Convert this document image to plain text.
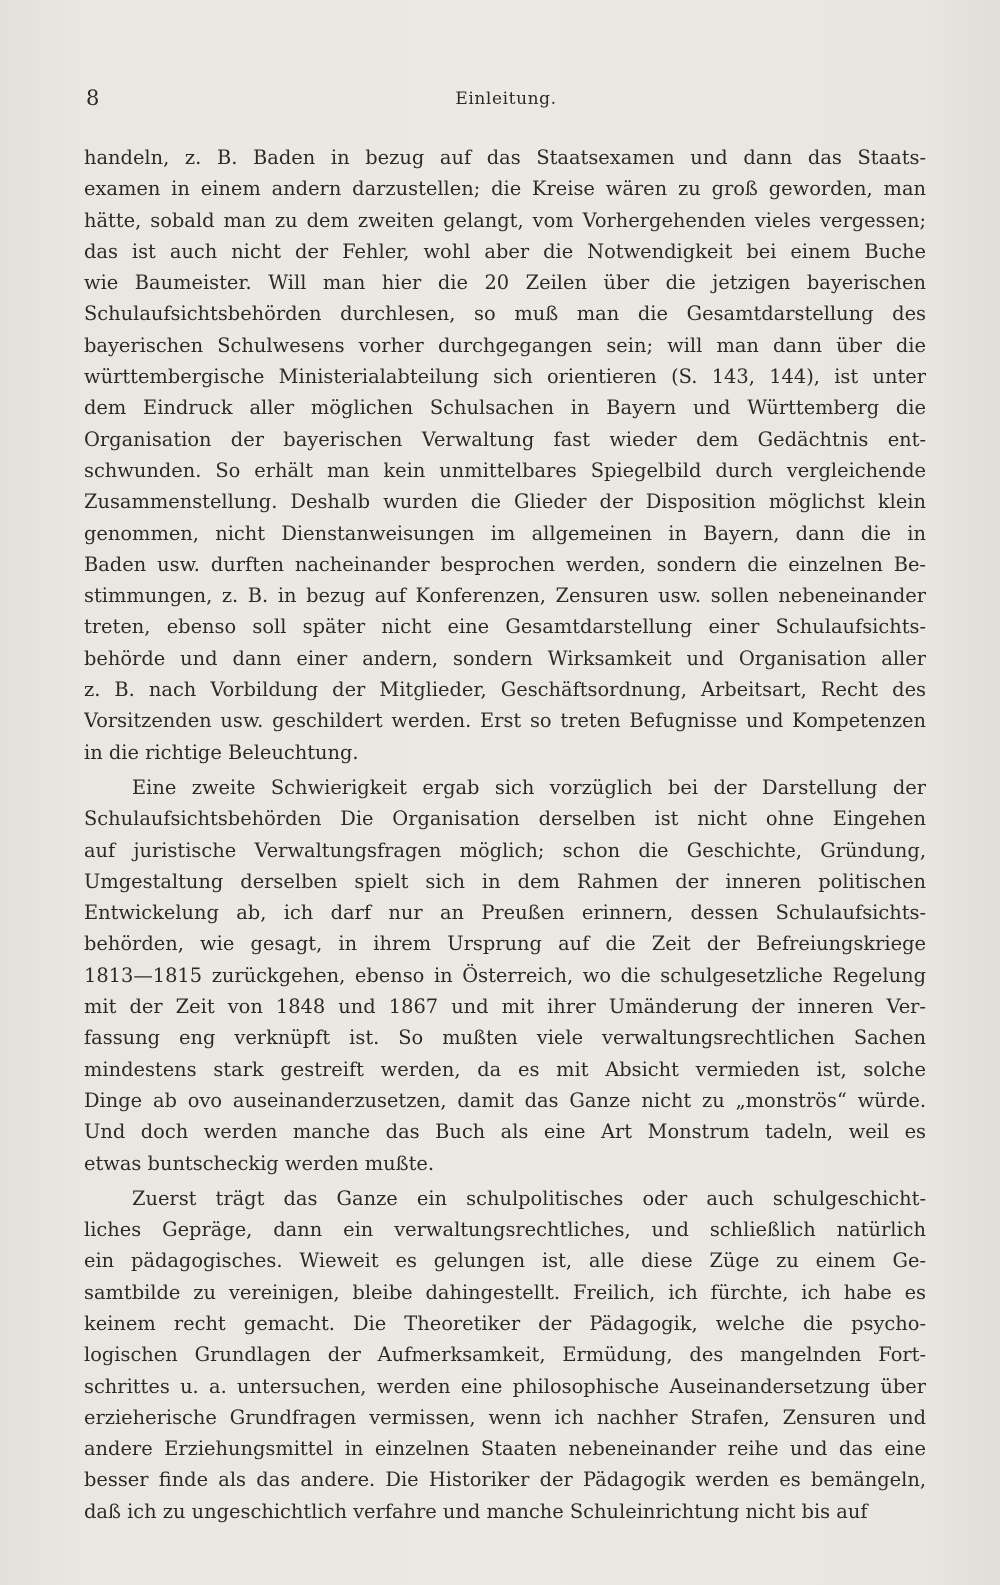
8	Einleitung.
handeln, z. B. Baden in bezug auf das Staatsexamen und dann das Staats-
examen in einem andern darzustellen; die Kreise wären zu groß geworden, man
hätte, sobald man zu dem zweiten gelangt, vom Vorhergehenden vieles vergessen;
das ist auch nicht der Fehler, wohl aber die Notwendigkeit bei einem Buche
wie Baumeister. Will man hier die 20 Zeilen über die jetzigen bayerischen
Schulaufsichtsbehörden durchlesen, so muß man die Gesamtdarstellung des
bayerischen Schulwesens vorher durchgegangen sein; will man dann über die
württembergische Ministerialabteilung sich orientieren (S. 143, 144), ist unter
dem Eindruck aller möglichen Schulsachen in Bayern und Württemberg die
Organisation der bayerischen Verwaltung fast wieder dem Gedächtnis ent-
schwunden. So erhält man kein unmittelbares Spiegelbild durch vergleichende
Zusammenstellung. Deshalb wurden die Glieder der Disposition möglichst klein
genommen, nicht Dienstanweisungen im allgemeinen in Bayern, dann die in
Baden usw. durften nacheinander besprochen werden, sondern die einzelnen Be-
stimmungen, z. B. in bezug auf Konferenzen, Zensuren usw. sollen nebeneinander
treten, ebenso soll später nicht eine Gesamtdarstellung einer Schulaufsichts-
behörde und dann einer andern, sondern Wirksamkeit und Organisation aller
z. B. nach Vorbildung der Mitglieder, Geschäftsordnung, Arbeitsart, Recht des
Vorsitzenden usw. geschildert werden. Erst so treten Befugnisse und Kompetenzen
in die richtige Beleuchtung.
Eine zweite Schwierigkeit ergab sich vorzüglich bei der Darstellung der
Schulaufsichtsbehörden Die Organisation derselben ist nicht ohne Eingehen
auf juristische Verwaltungsfragen möglich; schon die Geschichte, Gründung,
Umgestaltung derselben spielt sich in dem Rahmen der inneren politischen
Entwickelung ab, ich darf nur an Preußen erinnern, dessen Schulaufsichts-
behörden, wie gesagt, in ihrem Ursprung auf die Zeit der Befreiungskriege
1813—1815 zurückgehen, ebenso in Österreich, wo die schulgesetzliche Regelung
mit der Zeit von 1848 und 1867 und mit ihrer Umänderung der inneren Ver-
fassung eng verknüpft ist. So mußten viele verwaltungsrechtlichen Sachen
mindestens stark gestreift werden, da es mit Absicht vermieden ist, solche
Dinge ab ovo auseinanderzusetzen, damit das Ganze nicht zu „monströs“ würde.
Und doch werden manche das Buch als eine Art Monstrum tadeln, weil es
etwas buntscheckig werden mußte.
Zuerst trägt das Ganze ein schulpolitisches oder auch schulgeschicht-
liches Gepräge, dann ein verwaltungsrechtliches, und schließlich natürlich
ein pädagogisches. Wieweit es gelungen ist, alle diese Züge zu einem Ge-
samtbilde zu vereinigen, bleibe dahingestellt. Freilich, ich fürchte, ich habe es
keinem recht gemacht. Die Theoretiker der Pädagogik, welche die psycho-
logischen Grundlagen der Aufmerksamkeit, Ermüdung, des mangelnden Fort-
schrittes u. a. untersuchen, werden eine philosophische Auseinandersetzung über
erzieherische Grundfragen vermissen, wenn ich nachher Strafen, Zensuren und
andere Erziehungsmittel in einzelnen Staaten nebeneinander reihe und das eine
besser finde als das andere. Die Historiker der Pädagogik werden es bemängeln,
daß ich zu ungeschichtlich verfahre und manche Schuleinrichtung nicht bis auf
